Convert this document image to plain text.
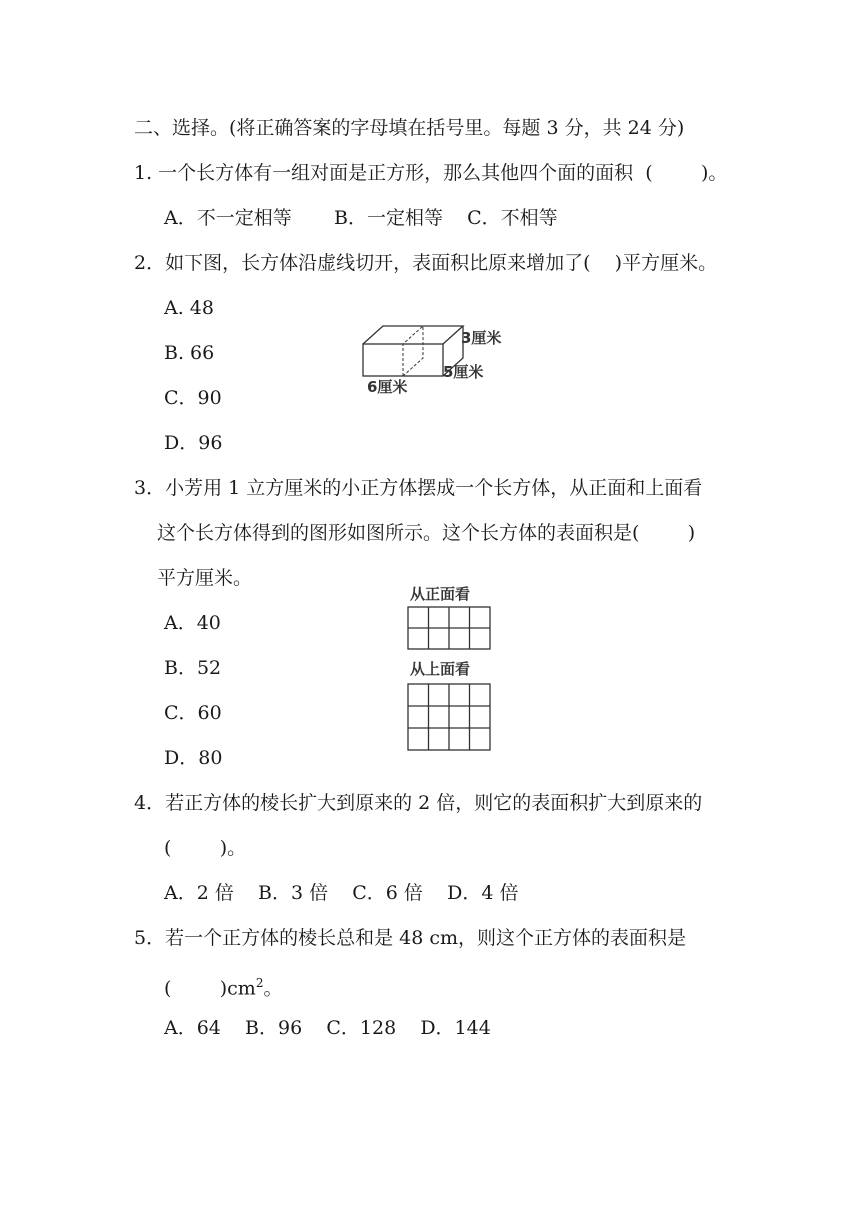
二、选择。(将正确答案的字母填在括号里。每题 3 分，共 24 分)
1. 一个长方体有一组对面是正方形，那么其他四个面的面积  (        )。
A．不一定相等       B．一定相等    C．不相等
2．如下图，长方体沿虚线切开，表面积比原来增加了(    )平方厘米。
A. 48
B. 66
C．90
D．96
3厘米
5厘米
6厘米
3．小芳用 1 立方厘米的小正方体摆成一个长方体，从正面和上面看
这个长方体得到的图形如图所示。这个长方体的表面积是(        )
平方厘米。
A．40
B．52
C．60
D．80
从正面看
从上面看
4．若正方体的棱长扩大到原来的 2 倍，则它的表面积扩大到原来的
(        )。
A．2 倍    B．3 倍    C．6 倍    D．4 倍
5．若一个正方体的棱长总和是 48 cm，则这个正方体的表面积是
(        )$cm^2$。
A．64    B．96    C．128    D．144
